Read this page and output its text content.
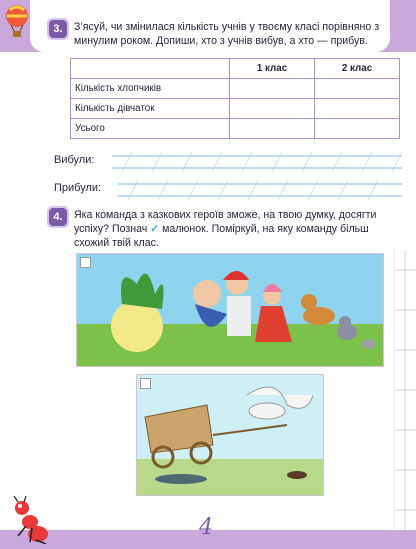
3.	З’ясуй, чи змінилася кількість учнів у твоєму класі порівняно з минулим роком. Допиши, хто з учнів вибув, а хто — прибув.
	1 клас	2 клас
Кількість хлопчиків		
Кількість дівчаток		
Усього		
Вибули:
Прибули:
4.	Яка команда з казкових героїв зможе, на твою думку, досягти успіху? Познач ✓ малюнок. Поміркуй, на яку команду більш схожий твій клас.
4
